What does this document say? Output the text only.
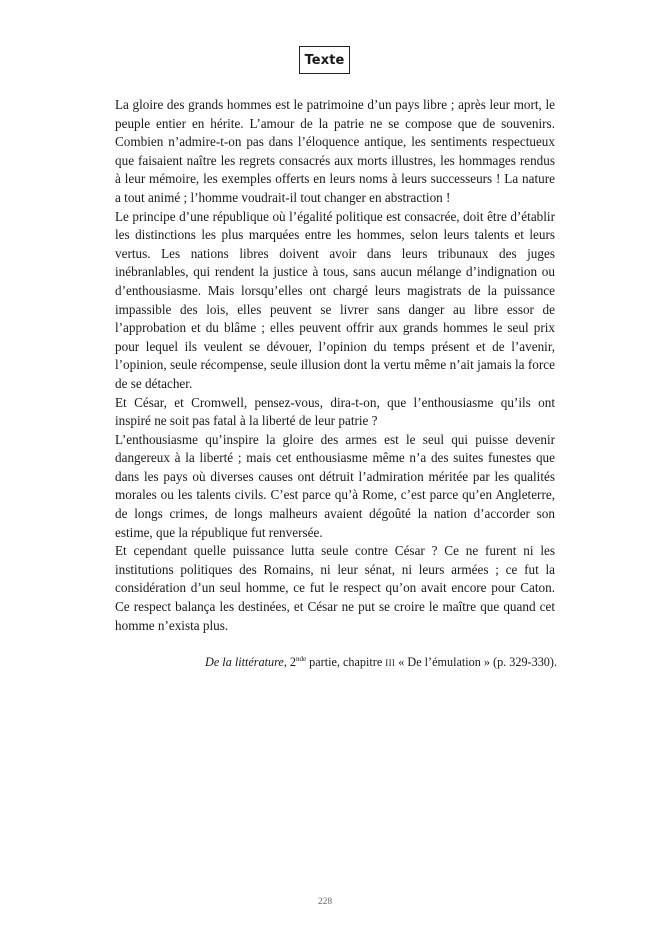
Texte

La gloire des grands hommes est le patrimoine d’un pays libre ; après leur mort, le peuple entier en hérite. L’amour de la patrie ne se compose que de souvenirs. Combien n’admire-t-on pas dans l’éloquence antique, les sentiments respectueux que faisaient naître les regrets consacrés aux morts illustres, les hommages rendus à leur mémoire, les exemples offerts en leurs noms à leurs successeurs ! La nature a tout animé ; l’homme voudrait-il tout changer en abstraction !

Le principe d’une république où l’égalité politique est consacrée, doit être d’établir les distinctions les plus marquées entre les hommes, selon leurs talents et leurs vertus. Les nations libres doivent avoir dans leurs tribunaux des juges inébranlables, qui rendent la justice à tous, sans aucun mélange d’indignation ou d’enthousiasme. Mais lorsqu’elles ont chargé leurs magistrats de la puissance impassible des lois, elles peuvent se livrer sans danger au libre essor de l’approbation et du blâme ; elles peuvent offrir aux grands hommes le seul prix pour lequel ils veulent se dévouer, l’opinion du temps présent et de l’avenir, l’opinion, seule récompense, seule illusion dont la vertu même n’ait jamais la force de se détacher.

Et César, et Cromwell, pensez-vous, dira-t-on, que l’enthousiasme qu’ils ont inspiré ne soit pas fatal à la liberté de leur patrie ?

L’enthousiasme qu’inspire la gloire des armes est le seul qui puisse devenir dangereux à la liberté ; mais cet enthousiasme même n’a des suites funestes que dans les pays où diverses causes ont détruit l’admiration méritée par les qualités morales ou les talents civils. C’est parce qu’à Rome, c’est parce qu’en Angleterre, de longs crimes, de longs malheurs avaient dégoûté la nation d’accorder son estime, que la république fut renversée.

Et cependant quelle puissance lutta seule contre César ? Ce ne furent ni les institutions politiques des Romains, ni leur sénat, ni leurs armées ; ce fut la considération d’un seul homme, ce fut le respect qu’on avait encore pour Caton. Ce respect balança les destinées, et César ne put se croire le maître que quand cet homme n’exista plus.

De la littérature, 2nde partie, chapitre III « De l’émulation » (p. 329-330).
228
